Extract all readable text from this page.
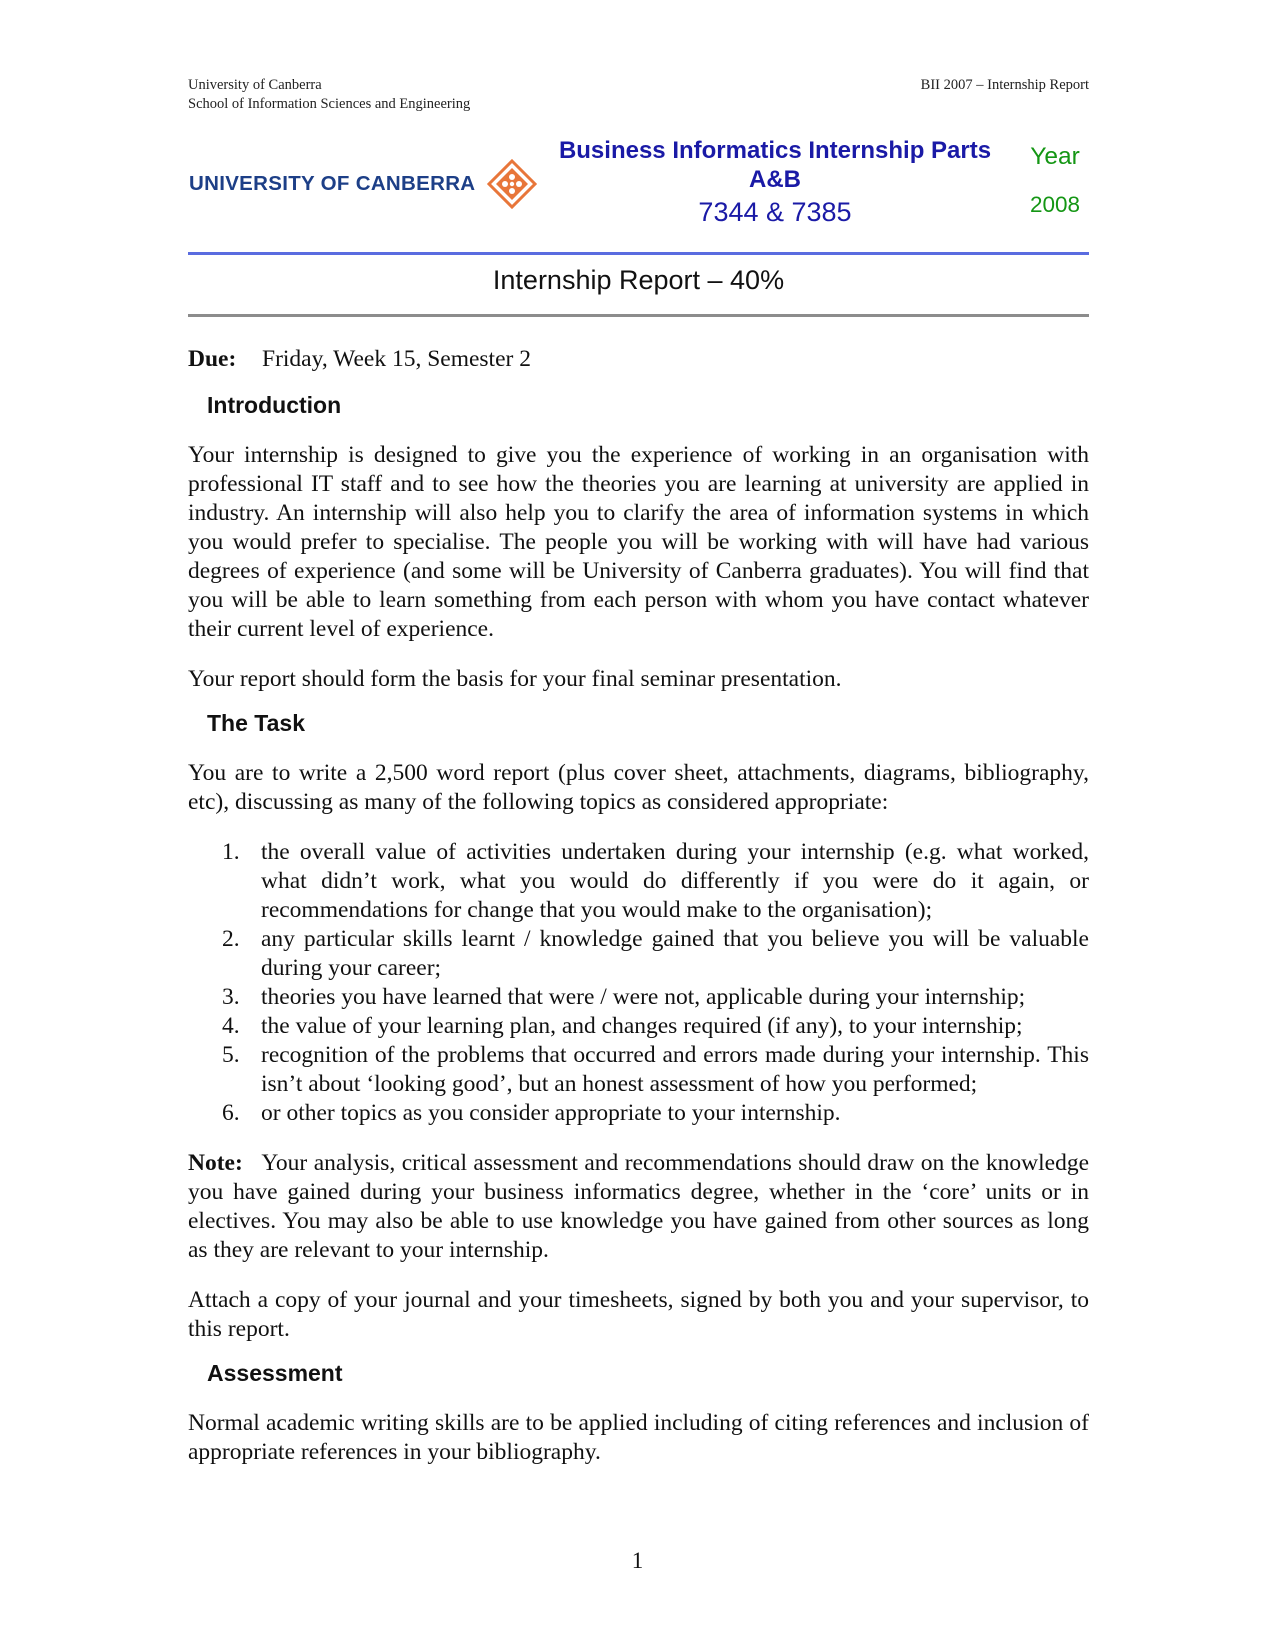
University of Canberra
School of Information Sciences and Engineering
BII 2007 – Internship Report
UNIVERSITY OF CANBERRA
Business Informatics Internship Parts A&B
7344 & 7385
Year
2008
Internship Report – 40%

Due: Friday, Week 15, Semester 2

Introduction

Your internship is designed to give you the experience of working in an organisation with professional IT staff and to see how the theories you are learning at university are applied in industry. An internship will also help you to clarify the area of information systems in which you would prefer to specialise. The people you will be working with will have had various degrees of experience (and some will be University of Canberra graduates). You will find that you will be able to learn something from each person with whom you have contact whatever their current level of experience.

Your report should form the basis for your final seminar presentation.

The Task

You are to write a 2,500 word report (plus cover sheet, attachments, diagrams, bibliography, etc), discussing as many of the following topics as considered appropriate:

1. the overall value of activities undertaken during your internship (e.g. what worked, what didn’t work, what you would do differently if you were do it again, or recommendations for change that you would make to the organisation);
2. any particular skills learnt / knowledge gained that you believe you will be valuable during your career;
3. theories you have learned that were / were not, applicable during your internship;
4. the value of your learning plan, and changes required (if any), to your internship;
5. recognition of the problems that occurred and errors made during your internship. This isn’t about ‘looking good’, but an honest assessment of how you performed;
6. or other topics as you consider appropriate to your internship.

Note: Your analysis, critical assessment and recommendations should draw on the knowledge you have gained during your business informatics degree, whether in the ‘core’ units or in electives. You may also be able to use knowledge you have gained from other sources as long as they are relevant to your internship.

Attach a copy of your journal and your timesheets, signed by both you and your supervisor, to this report.

Assessment

Normal academic writing skills are to be applied including of citing references and inclusion of appropriate references in your bibliography.

1
